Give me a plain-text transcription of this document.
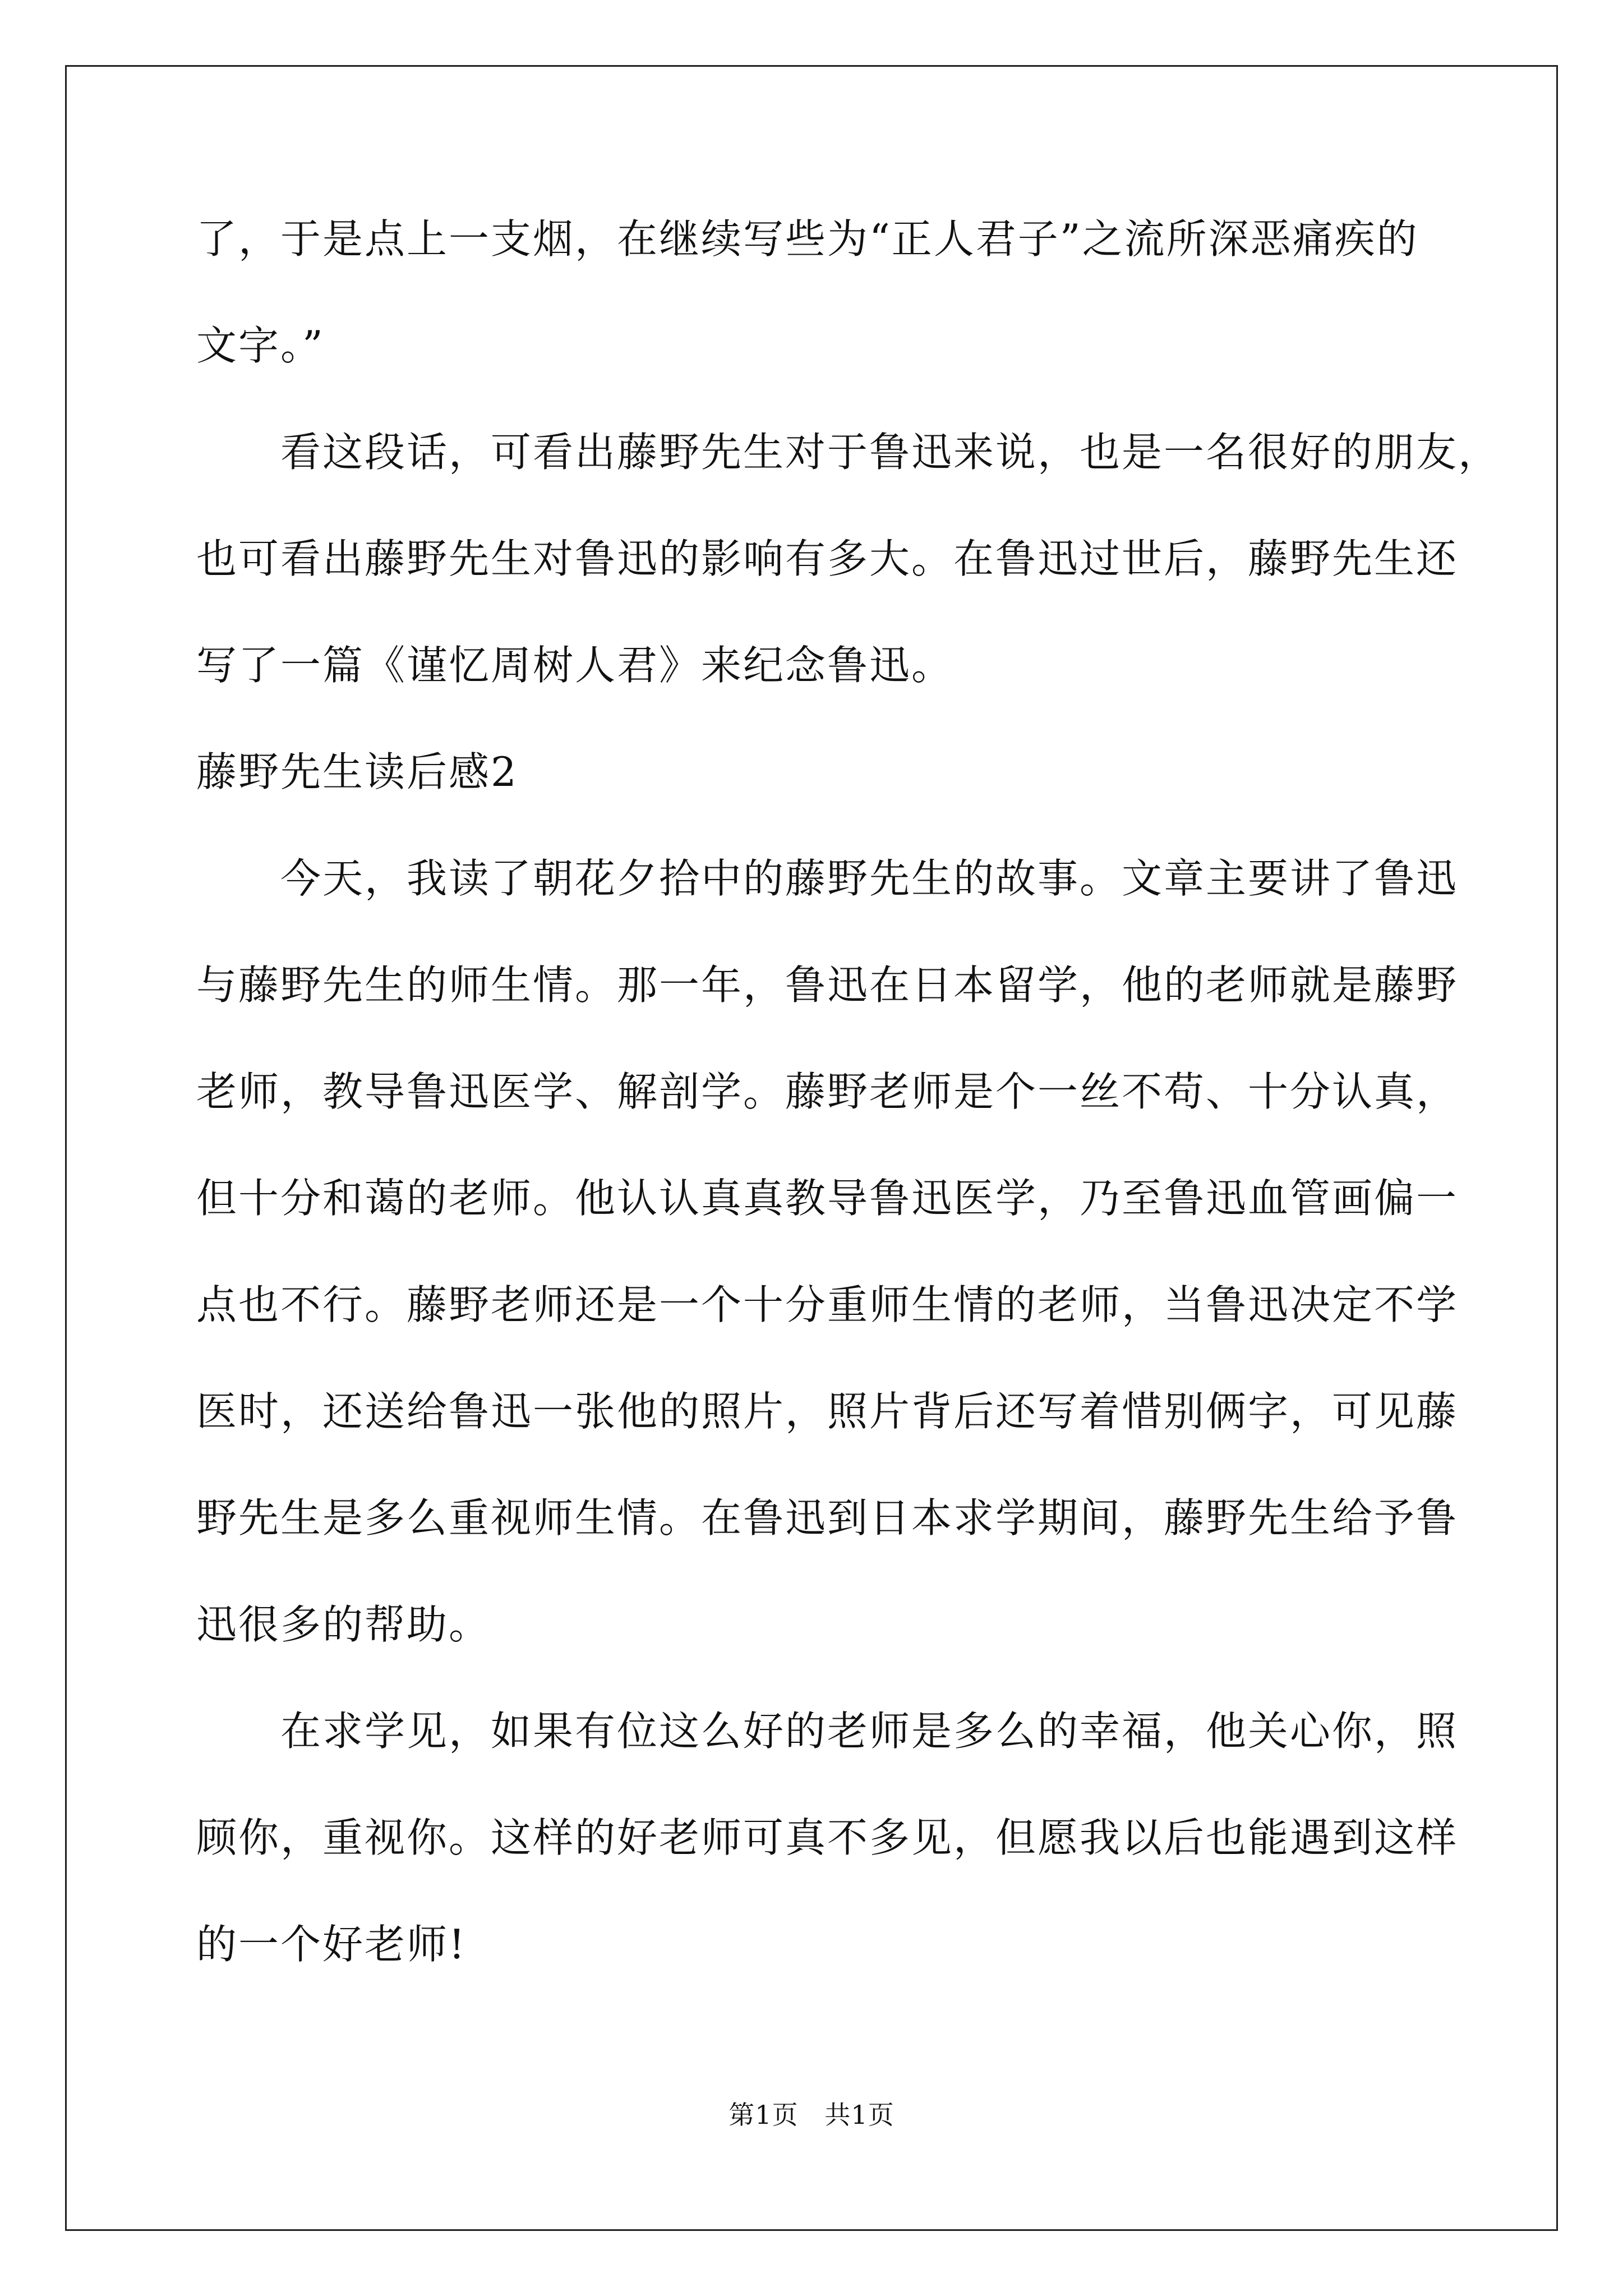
了，于是点上一支烟，在继续写些为“正人君子”之流所深恶痛疾的
文字。”
看这段话，可看出藤野先生对于鲁迅来说，也是一名很好的朋友，
也可看出藤野先生对鲁迅的影响有多大。在鲁迅过世后，藤野先生还
写了一篇《谨忆周树人君》来纪念鲁迅。
藤野先生读后感2
今天，我读了朝花夕拾中的藤野先生的故事。文章主要讲了鲁迅
与藤野先生的师生情。那一年，鲁迅在日本留学，他的老师就是藤野
老师，教导鲁迅医学、解剖学。藤野老师是个一丝不苟、十分认真，
但十分和蔼的老师。他认认真真教导鲁迅医学，乃至鲁迅血管画偏一
点也不行。藤野老师还是一个十分重师生情的老师，当鲁迅决定不学
医时，还送给鲁迅一张他的照片，照片背后还写着惜别俩字，可见藤
野先生是多么重视师生情。在鲁迅到日本求学期间，藤野先生给予鲁
迅很多的帮助。
在求学见，如果有位这么好的老师是多么的幸福，他关心你，照
顾你，重视你。这样的好老师可真不多见，但愿我以后也能遇到这样
的一个好老师!
第1页   共1页
